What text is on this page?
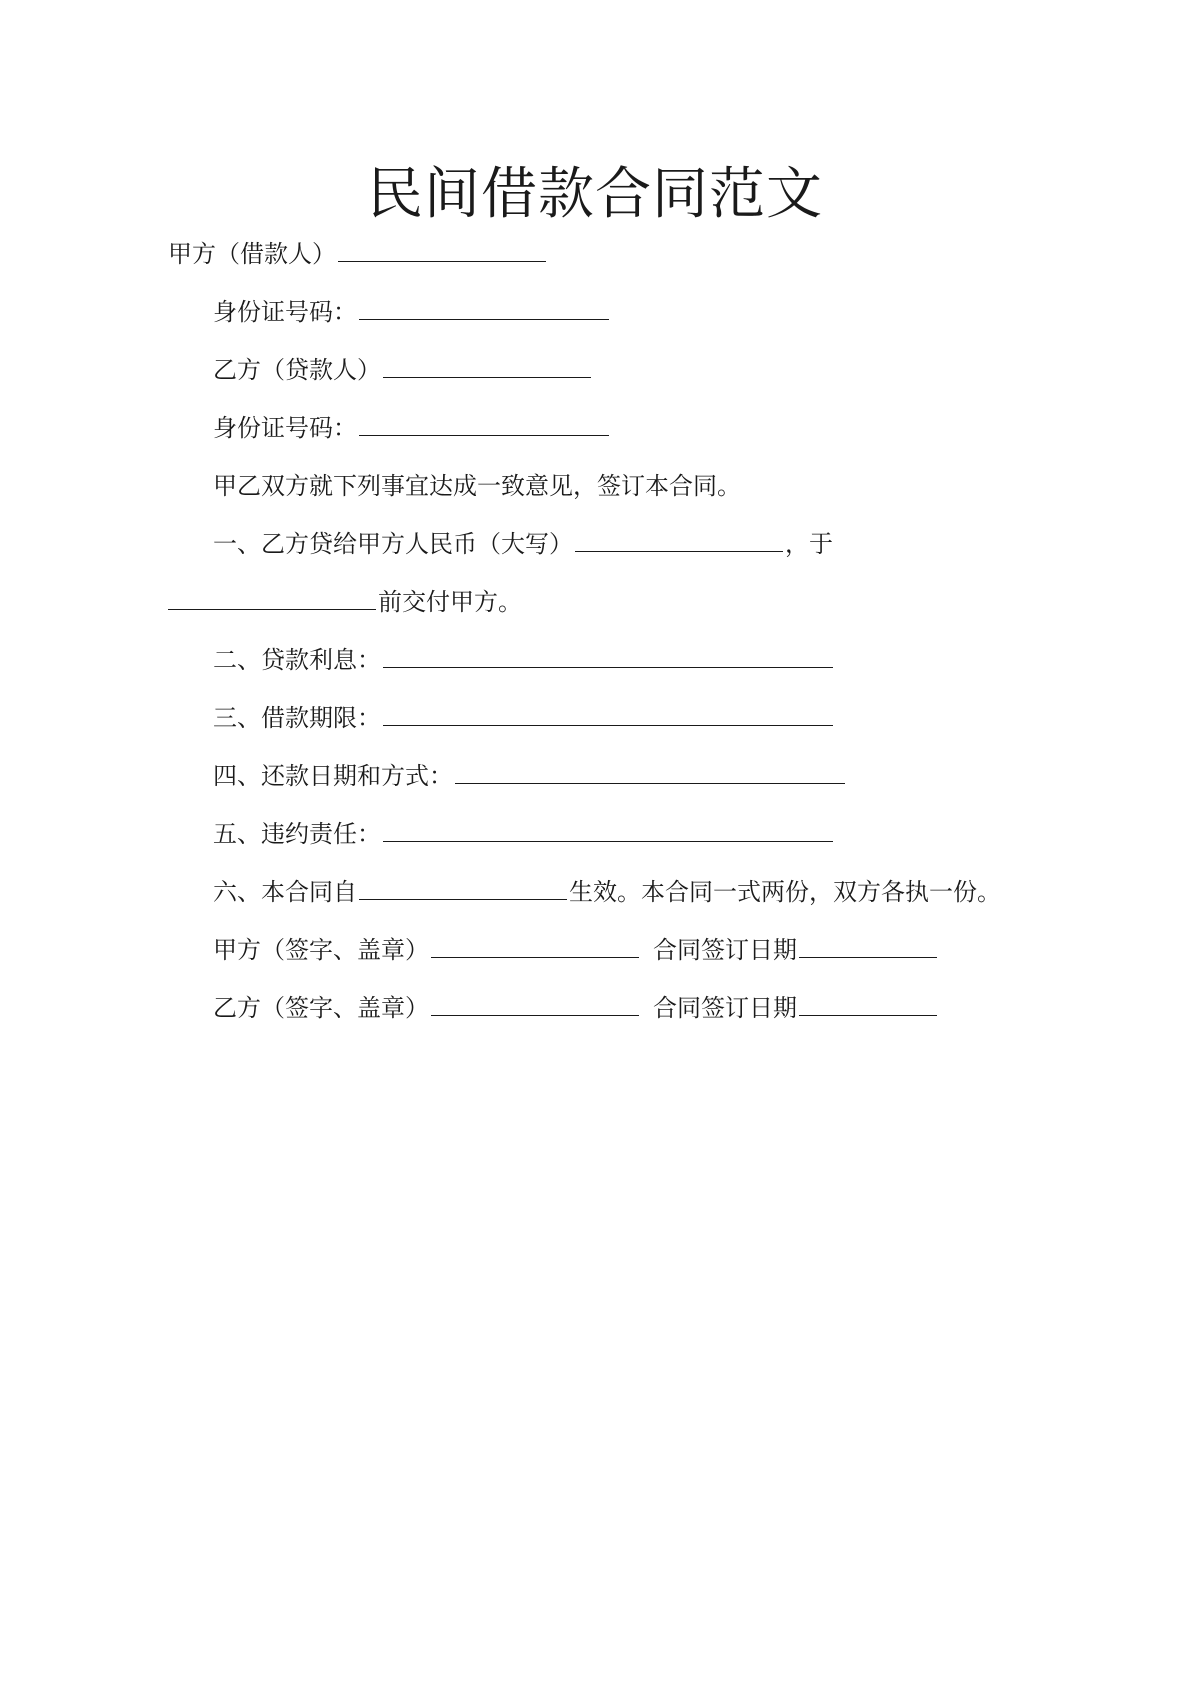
民间借款合同范文
甲方（借款人）
身份证号码：
乙方（贷款人）
身份证号码：
甲乙双方就下列事宜达成一致意见，签订本合同。
一、乙方贷给甲方人民币（大写）	，于
前交付甲方。
二、贷款利息：
三、借款期限：
四、还款日期和方式：
五、违约责任：
六、本合同自	生效。本合同一式两份，双方各执一份。
甲方（签字、盖章）	合同签订日期
乙方（签字、盖章）	合同签订日期
